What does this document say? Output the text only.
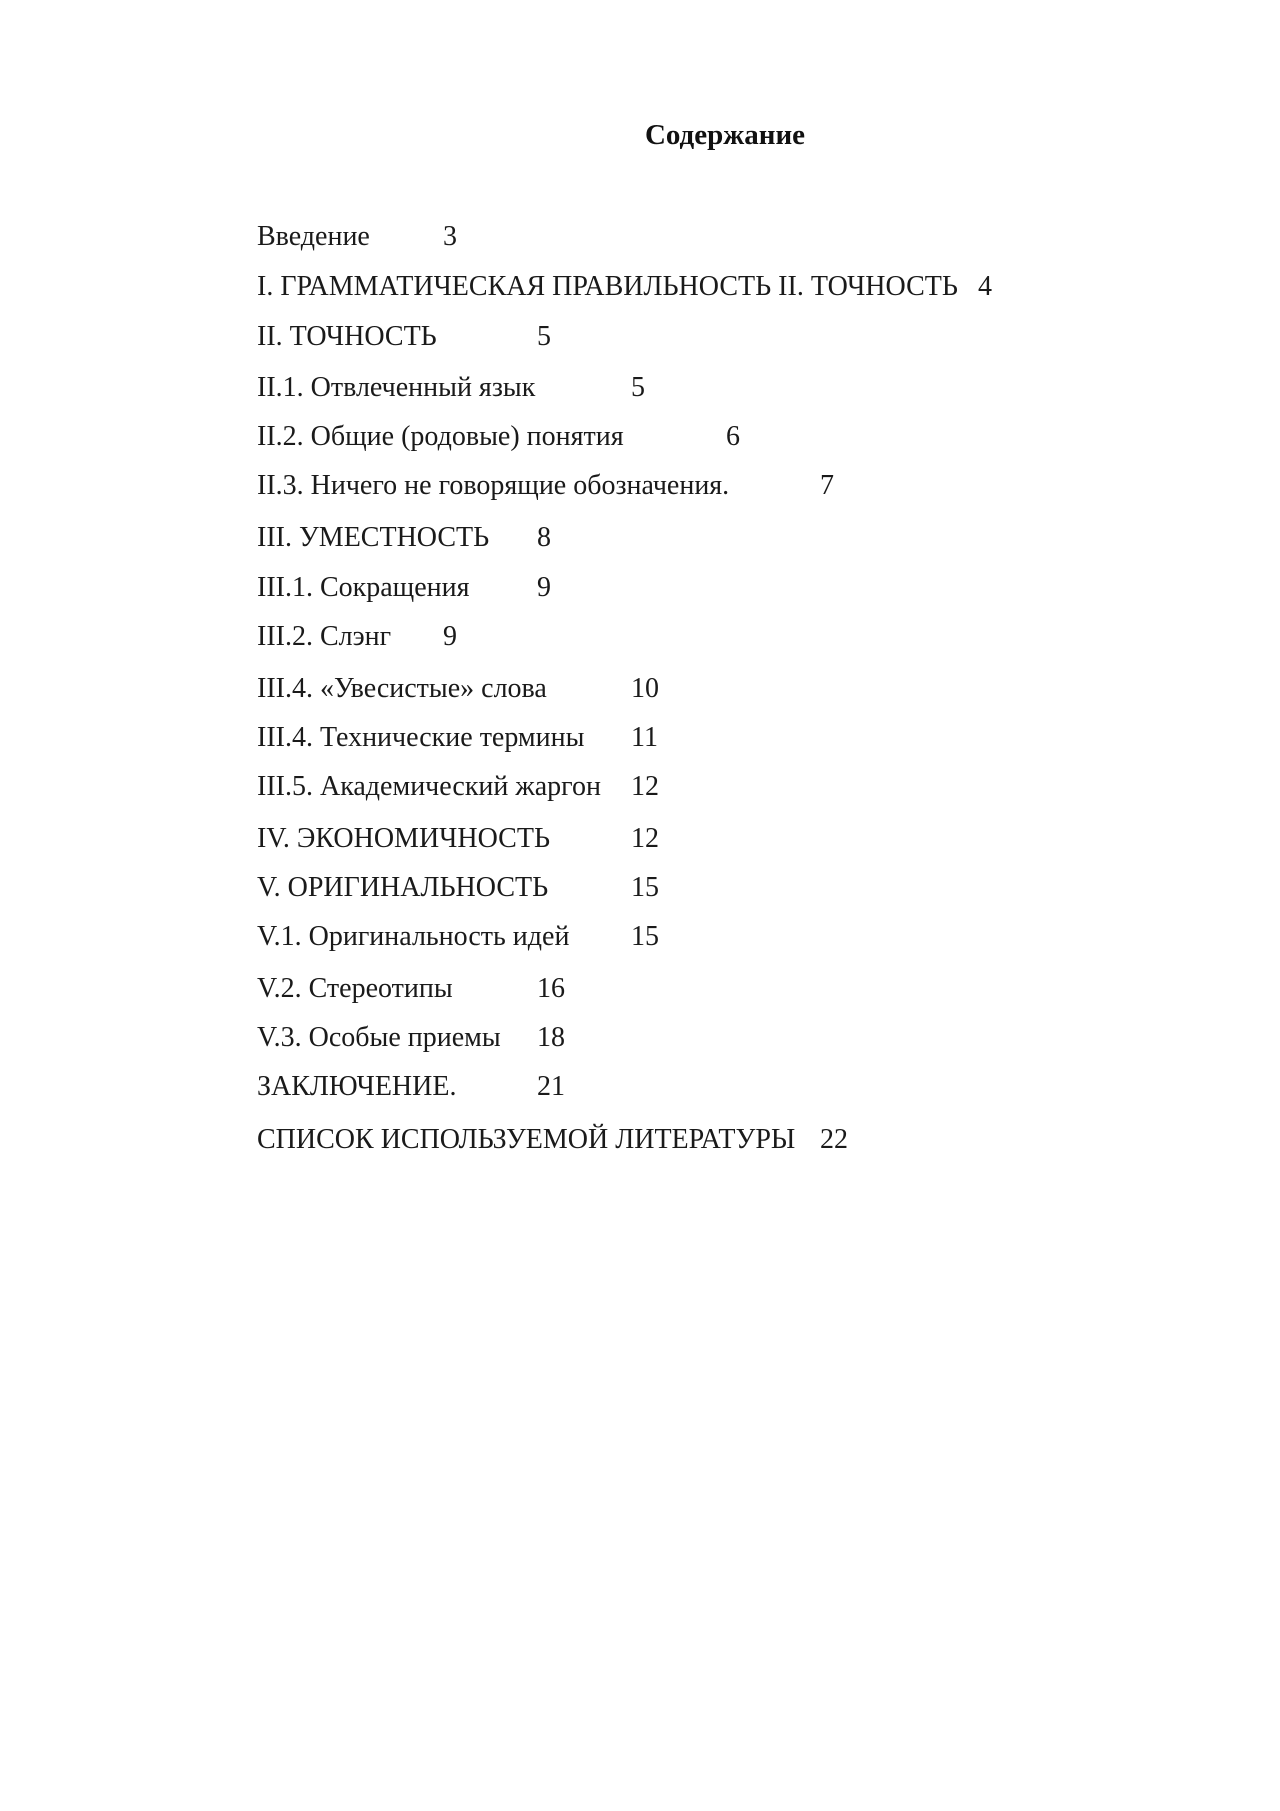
Содержание
Введение	3
I. ГРАММАТИЧЕСКАЯ ПРАВИЛЬНОСТЬ II. ТОЧНОСТЬ 4
II. ТОЧНОСТЬ	5
II.1. Отвлеченный язык	5
II.2. Общие (родовые) понятия	6
II.3. Ничего не говорящие обозначения.	7
III. УМЕСТНОСТЬ 8
III.1. Сокращения 9
III.2. Слэнг 9
III.4. «Увесистые» слова	10
III.4. Технические термины 11
III.5. Академический жаргон 12
IV. ЭКОНОМИЧНОСТЬ	12
V. ОРИГИНАЛЬНОСТЬ	15
V.1. Оригинальность идей 15
V.2. Стереотипы	16
V.3. Особые приемы 18
ЗАКЛЮЧЕНИЕ.	21
СПИСОК ИСПОЛЬЗУЕМОЙ ЛИТЕРАТУРЫ 22
